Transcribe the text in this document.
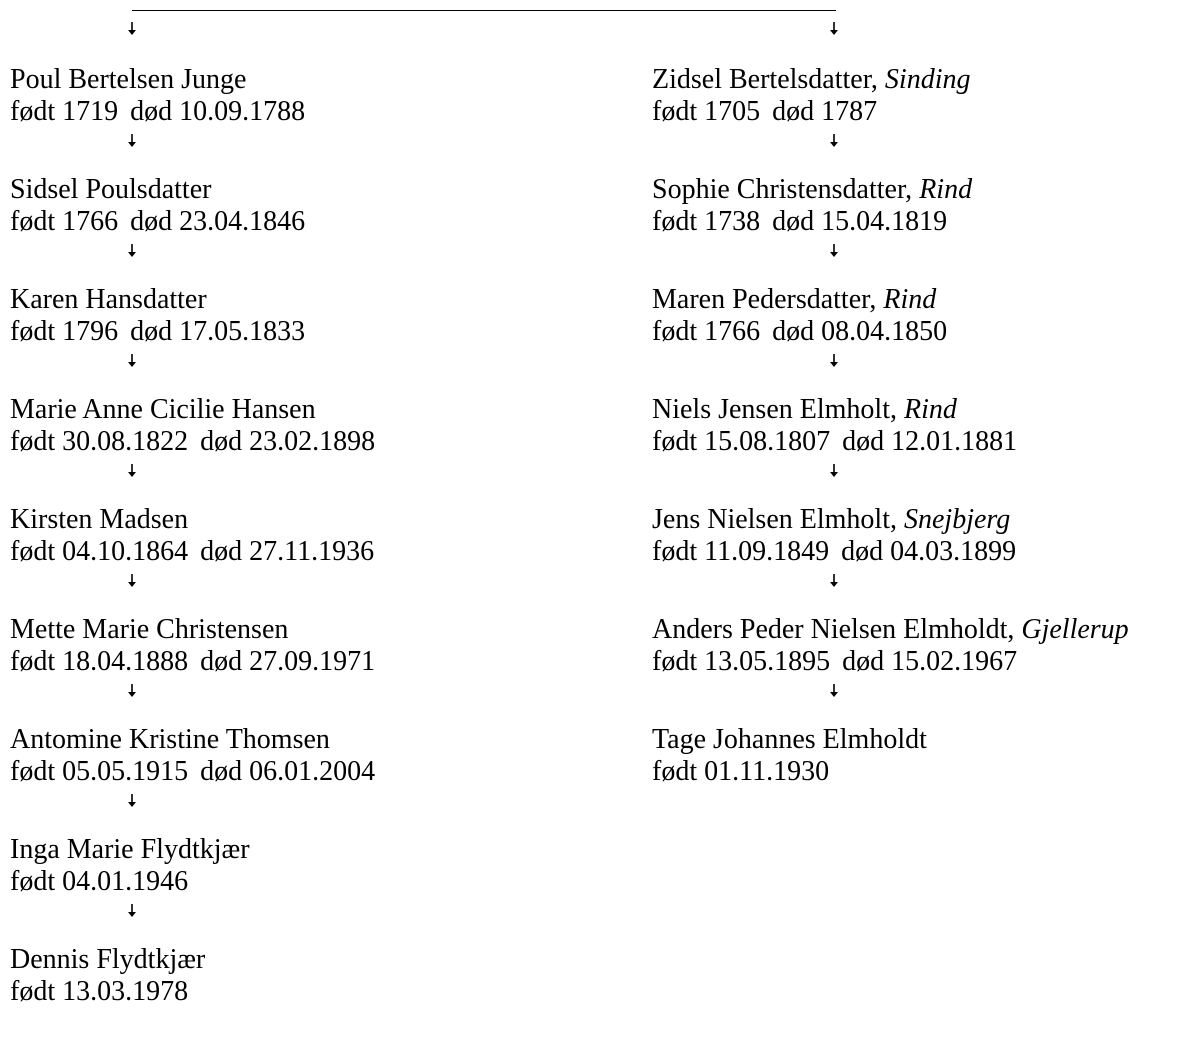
Poul Bertelsen Junge
født 1719 død 10.09.1788
Sidsel Poulsdatter
født 1766 død 23.04.1846
Karen Hansdatter
født 1796 død 17.05.1833
Marie Anne Cicilie Hansen
født 30.08.1822 død 23.02.1898
Kirsten Madsen
født 04.10.1864 død 27.11.1936
Mette Marie Christensen
født 18.04.1888 død 27.09.1971
Antomine Kristine Thomsen
født 05.05.1915 død 06.01.2004
Inga Marie Flydtkjær
født 04.01.1946
Dennis Flydtkjær
født 13.03.1978
Zidsel Bertelsdatter, Sinding
født 1705 død 1787
Sophie Christensdatter, Rind
født 1738 død 15.04.1819
Maren Pedersdatter, Rind
født 1766 død 08.04.1850
Niels Jensen Elmholt, Rind
født 15.08.1807 død 12.01.1881
Jens Nielsen Elmholt, Snejbjerg
født 11.09.1849 død 04.03.1899
Anders Peder Nielsen Elmholdt, Gjellerup
født 13.05.1895 død 15.02.1967
Tage Johannes Elmholdt
født 01.11.1930
